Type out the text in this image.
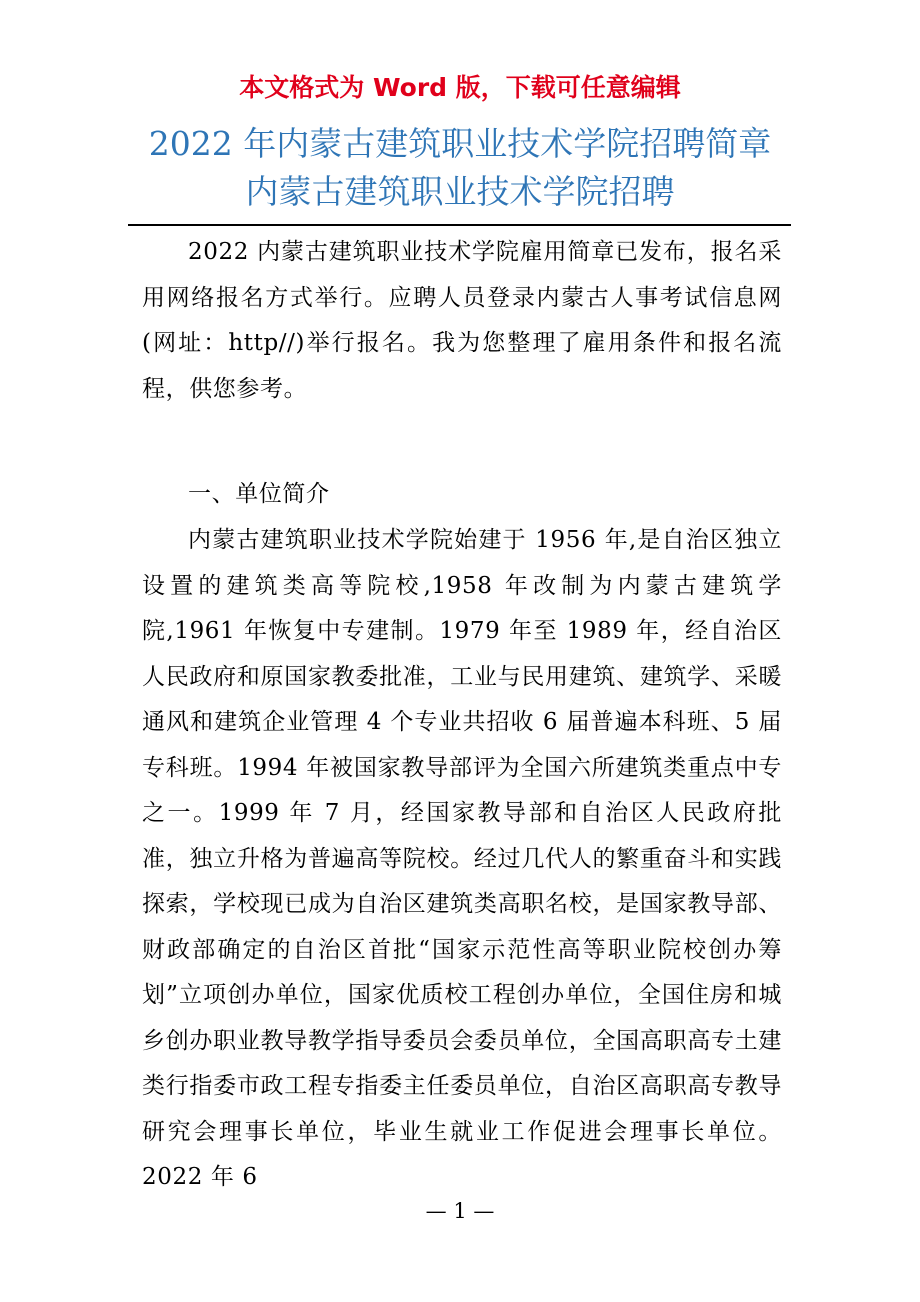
本文格式为 Word 版，下载可任意编辑
2022 年内蒙古建筑职业技术学院招聘简章
内蒙古建筑职业技术学院招聘
2022 内蒙古建筑职业技术学院雇用简章已发布，报名采用网络报名方式举行。应聘人员登录内蒙古人事考试信息网(网址：http//)举行报名。我为您整理了雇用条件和报名流程，供您参考。
一、单位简介
内蒙古建筑职业技术学院始建于 1956 年,是自治区独立设置的建筑类高等院校,1958 年改制为内蒙古建筑学院,1961 年恢复中专建制。1979 年至 1989 年，经自治区人民政府和原国家教委批准，工业与民用建筑、建筑学、采暖通风和建筑企业管理 4 个专业共招收 6 届普遍本科班、5 届专科班。1994 年被国家教导部评为全国六所建筑类重点中专之一。1999 年 7 月，经国家教导部和自治区人民政府批准，独立升格为普遍高等院校。经过几代人的繁重奋斗和实践探索，学校现已成为自治区建筑类高职名校，是国家教导部、财政部确定的自治区首批“国家示范性高等职业院校创办筹划”立项创办单位，国家优质校工程创办单位，全国住房和城乡创办职业教导教学指导委员会委员单位，全国高职高专土建类行指委市政工程专指委主任委员单位，自治区高职高专教导研究会理事长单位，毕业生就业工作促进会理事长单位。2022 年 6
— 1 —
